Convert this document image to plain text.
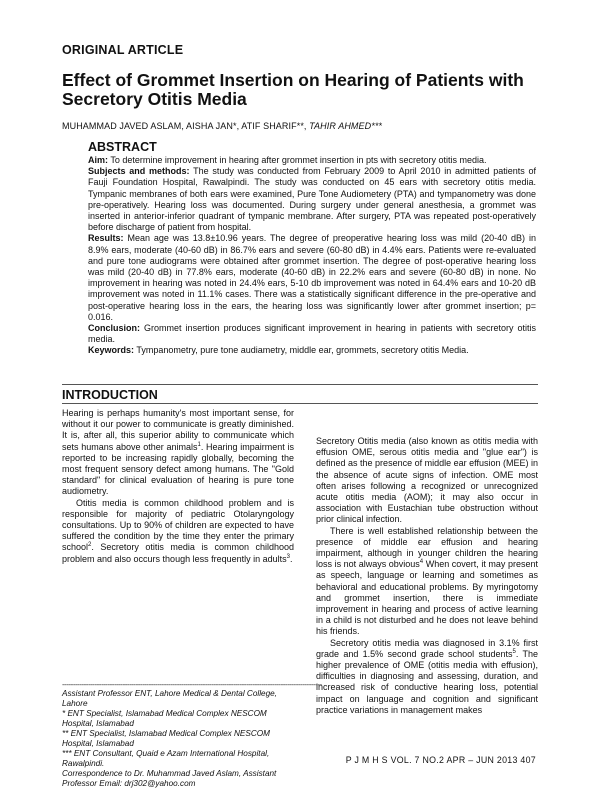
ORIGINAL ARTICLE
Effect of Grommet Insertion on Hearing of Patients with Secretory Otitis Media
MUHAMMAD JAVED ASLAM, AISHA JAN*, ATIF SHARIF**, TAHIR AHMED***
ABSTRACT

Aim: To determine improvement in hearing after grommet insertion in pts with secretory otitis media.

Subjects and methods: The study was conducted from February 2009 to April 2010 in admitted patients of Fauji Foundation Hospital, Rawalpindi. The study was conducted on 45 ears with secretory otitis media. Tympanic membranes of both ears were examined, Pure Tone Audiometery (PTA) and tympanometry was done pre-operatively. Hearing loss was documented. During surgery under general anesthesia, a grommet was inserted in anterior-inferior quadrant of tympanic membrane. After surgery, PTA was repeated post-operatively before discharge of patient from hospital.

Results: Mean age was 13.8±10.96 years. The degree of preoperative hearing loss was mild (20-40 dB) in 8.9% ears, moderate (40-60 dB) in 86.7% ears and severe (60-80 dB) in 4.4% ears. Patients were re-evaluated and pure tone audiograms were obtained after grommet insertion. The degree of post-operative hearing loss was mild (20-40 dB) in 77.8% ears, moderate (40-60 dB) in 22.2% ears and severe (60-80 dB) in none. No improvement in hearing was noted in 24.4% ears, 5-10 db improvement was noted in 64.4% ears and 10-20 dB improvement was noted in 11.1% cases. There was a statistically significant difference in the pre-operative and post-operative hearing loss in the ears, the hearing loss was significantly lower after grommet insertion; p= 0.016.

Conclusion: Grommet insertion produces significant improvement in hearing in patients with secretory otitis media.

Keywords: Tympanometry, pure tone audiametry, middle ear, grommets, secretory otitis Media.

INTRODUCTION

Hearing is perhaps humanity's most important sense, for without it our power to communicate is greatly diminished. It is, after all, this superior ability to communicate which sets humans above other animals$^1$. Hearing impairment is reported to be increasing rapidly globally, becoming the most frequent sensory defect among humans. The "Gold standard" for clinical evaluation of hearing is pure tone audiometry.

Otitis media is common childhood problem and is responsible for majority of pediatric Otolaryngology consultations. Up to 90% of children are expected to have suffered the condition by the time they enter the primary school$^2$. Secretory otitis media is common childhood problem and also occurs though less frequently in adults$^3$.

------------------------------------------------------------------------------------------------------------------------

Assistant Professor ENT, Lahore Medical & Dental College, Lahore

* ENT Specialist, Islamabad Medical Complex NESCOM Hospital, Islamabad

** ENT Specialist, Islamabad Medical Complex NESCOM Hospital, Islamabad

*** ENT Consultant, Quaid e Azam International Hospital, Rawalpindi.

Correspondence to Dr. Muhammad Javed Aslam, Assistant Professor Email: drj302@yahoo.com

Secretory Otitis media (also known as otitis media with effusion OME, serous otitis media and "glue ear") is defined as the presence of middle ear effusion (MEE) in the absence of acute signs of infection. OME most often arises following a recognized or unrecognized acute otitis media (AOM); it may also occur in association with Eustachian tube obstruction without prior clinical infection.

There is well established relationship between the presence of middle ear effusion and hearing impairment, although in younger children the hearing loss is not always obvious$^4$ When covert, it may present as speech, language or learning and sometimes as behavioral and educational problems. By myringotomy and grommet insertion, there is immediate improvement in hearing and process of active learning in a child is not disturbed and he does not leave behind his friends.

Secretory otitis media was diagnosed in 3.1% first grade and 1.5% second grade school students$^5$. The higher prevalence of OME (otitis media with effusion), difficulties in diagnosing and assessing, duration, and increased risk of conductive hearing loss, potential impact on language and cognition and significant practice variations in management makes

P J M H S VOL. 7 NO.2 APR – JUN 2013 407
